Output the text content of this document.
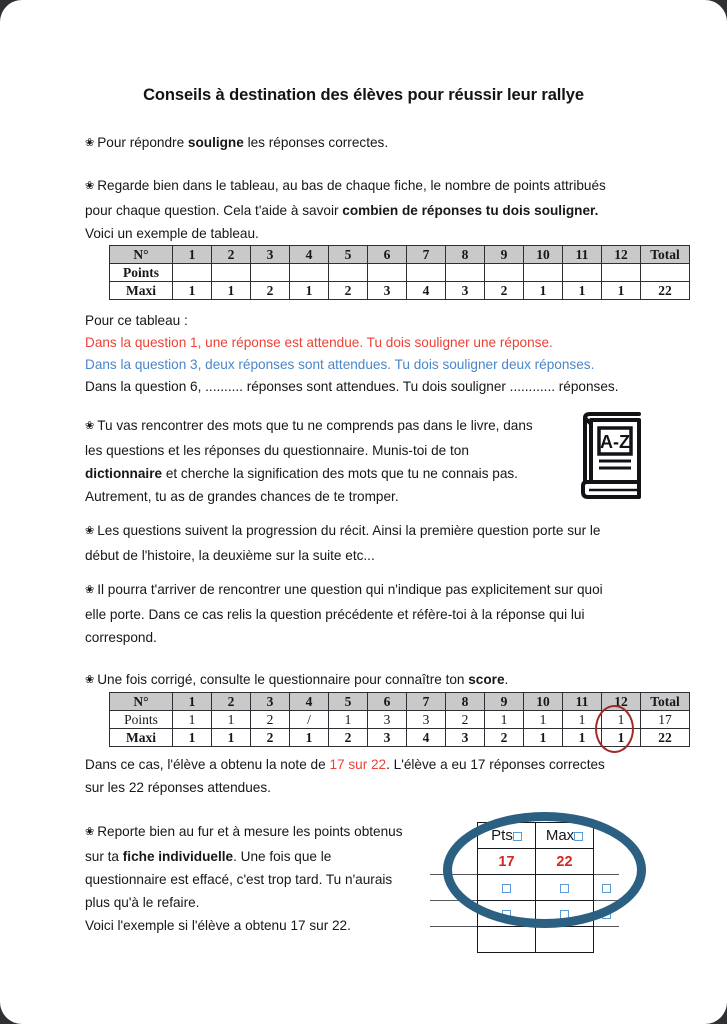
Conseils à destination des élèves pour réussir leur rallye
❀ Pour répondre souligne les réponses correctes.
❀ Regarde bien dans le tableau, au bas de chaque fiche, le nombre de points attribués
pour chaque question. Cela t'aide à savoir combien de réponses tu dois souligner.
Voici un exemple de tableau.
N°	1	2	3	4	5	6	7	8	9	10	11	12	Total
Points													
Maxi	1	1	2	1	2	3	4	3	2	1	1	1	22
Pour ce tableau :
Dans la question 1, une réponse est attendue. Tu dois souligner une réponse.
Dans la question 3, deux réponses sont attendues. Tu dois souligner deux réponses.
Dans la question 6, .......... réponses sont attendues. Tu dois souligner ............ réponses.
❀ Tu vas rencontrer des mots que tu ne comprends pas dans le livre, dans
les questions et les réponses du questionnaire. Munis-toi de ton
dictionnaire et cherche la signification des mots que tu ne connais pas.
Autrement, tu as de grandes chances de te tromper.
A-Z
❀ Les questions suivent la progression du récit. Ainsi la première question porte sur le
début de l'histoire, la deuxième sur la suite etc...
❀ Il pourra t'arriver de rencontrer une question qui n'indique pas explicitement sur quoi
elle porte. Dans ce cas relis la question précédente et réfère-toi à la réponse qui lui
correspond.
❀ Une fois corrigé, consulte le questionnaire pour connaître ton score.
N°	1	2	3	4	5	6	7	8	9	10	11	12	Total
Points	1	1	2	/	1	3	3	2	1	1	1	1	17
Maxi	1	1	2	1	2	3	4	3	2	1	1	1	22
Dans ce cas, l'élève a obtenu la note de 17 sur 22. L'élève a eu 17 réponses correctes
sur les 22 réponses attendues.
❀ Reporte bien au fur et à mesure les points obtenus
sur ta fiche individuelle. Une fois que le
questionnaire est effacé, c'est trop tard. Tu n'aurais
plus qu'à le refaire.
Voici l'exemple si l'élève a obtenu 17 sur 22.
	Pts	Max	
	17	22	
